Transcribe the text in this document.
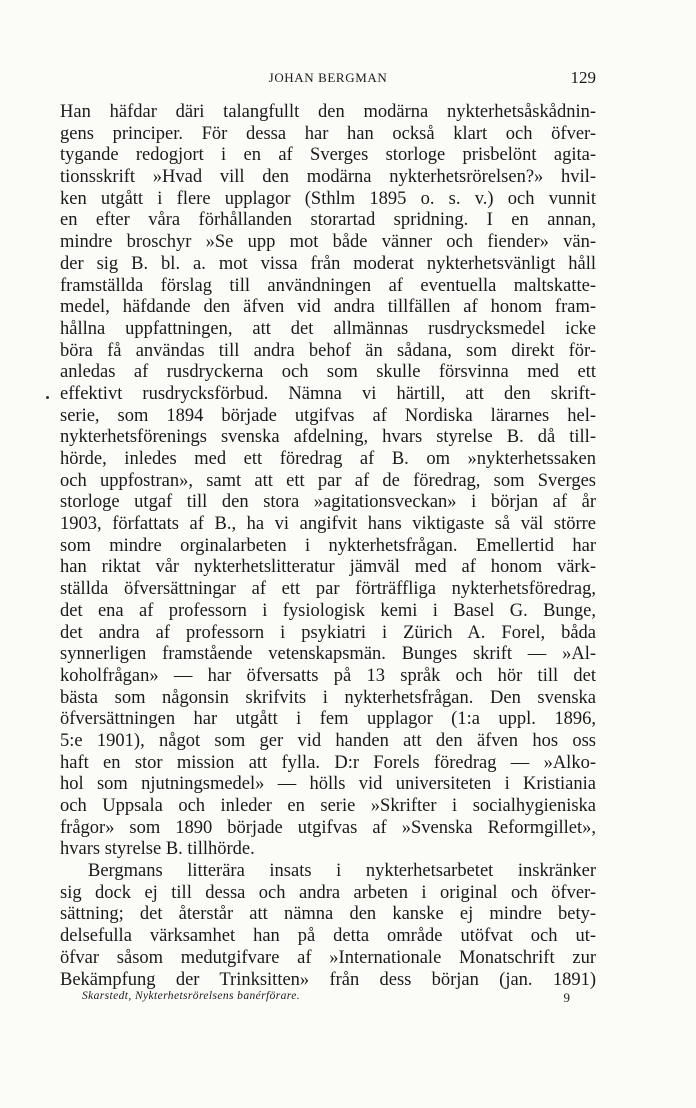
JOHAN BERGMAN	129
Han häfdar däri talangfullt den modärna nykterhetsåskådnin-
gens principer. För dessa har han också klart och öfver-
tygande redogjort i en af Sverges storloge prisbelönt agita-
tionsskrift »Hvad vill den modärna nykterhetsrörelsen?» hvil-
ken utgått i flere upplagor (Sthlm 1895 o. s. v.) och vunnit
en efter våra förhållanden storartad spridning. I en annan,
mindre broschyr »Se upp mot både vänner och fiender» vän-
der sig B. bl. a. mot vissa från moderat nykterhetsvänligt håll
framställda förslag till användningen af eventuella maltskatte-
medel, häfdande den äfven vid andra tillfällen af honom fram-
hållna uppfattningen, att det allmännas rusdrycksmedel icke
böra få användas till andra behof än sådana, som direkt för-
anledas af rusdryckerna och som skulle försvinna med ett
effektivt rusdrycksförbud. Nämna vi härtill, att den skrift-
serie, som 1894 började utgifvas af Nordiska lärarnes hel-
nykterhetsförenings svenska afdelning, hvars styrelse B. då till-
hörde, inledes med ett föredrag af B. om »nykterhetssaken
och uppfostran», samt att ett par af de föredrag, som Sverges
storloge utgaf till den stora »agitationsveckan» i början af år
1903, författats af B., ha vi angifvit hans viktigaste så väl större
som mindre orginalarbeten i nykterhetsfrågan. Emellertid har
han riktat vår nykterhetslitteratur jämväl med af honom värk-
ställda öfversättningar af ett par förträffliga nykterhetsföredrag,
det ena af professorn i fysiologisk kemi i Basel G. Bunge,
det andra af professorn i psykiatri i Zürich A. Forel, båda
synnerligen framstående vetenskapsmän. Bunges skrift — »Al-
koholfrågan» — har öfversatts på 13 språk och hör till det
bästa som någonsin skrifvits i nykterhetsfrågan. Den svenska
öfversättningen har utgått i fem upplagor (1:a uppl. 1896,
5:e 1901), något som ger vid handen att den äfven hos oss
haft en stor mission att fylla. D:r Forels föredrag — »Alko-
hol som njutningsmedel» — hölls vid universiteten i Kristiania
och Uppsala och inleder en serie »Skrifter i socialhygieniska
frågor» som 1890 började utgifvas af »Svenska Reformgillet»,
hvars styrelse B. tillhörde.
Bergmans litterära insats i nykterhetsarbetet inskränker
sig dock ej till dessa och andra arbeten i original och öfver-
sättning; det återstår att nämna den kanske ej mindre bety-
delsefulla värksamhet han på detta område utöfvat och ut-
öfvar såsom medutgifvare af »Internationale Monatschrift zur
Bekämpfung der Trinksitten» från dess början (jan. 1891)
Skarstedt, Nykterhetsrörelsens banérförare.	9
